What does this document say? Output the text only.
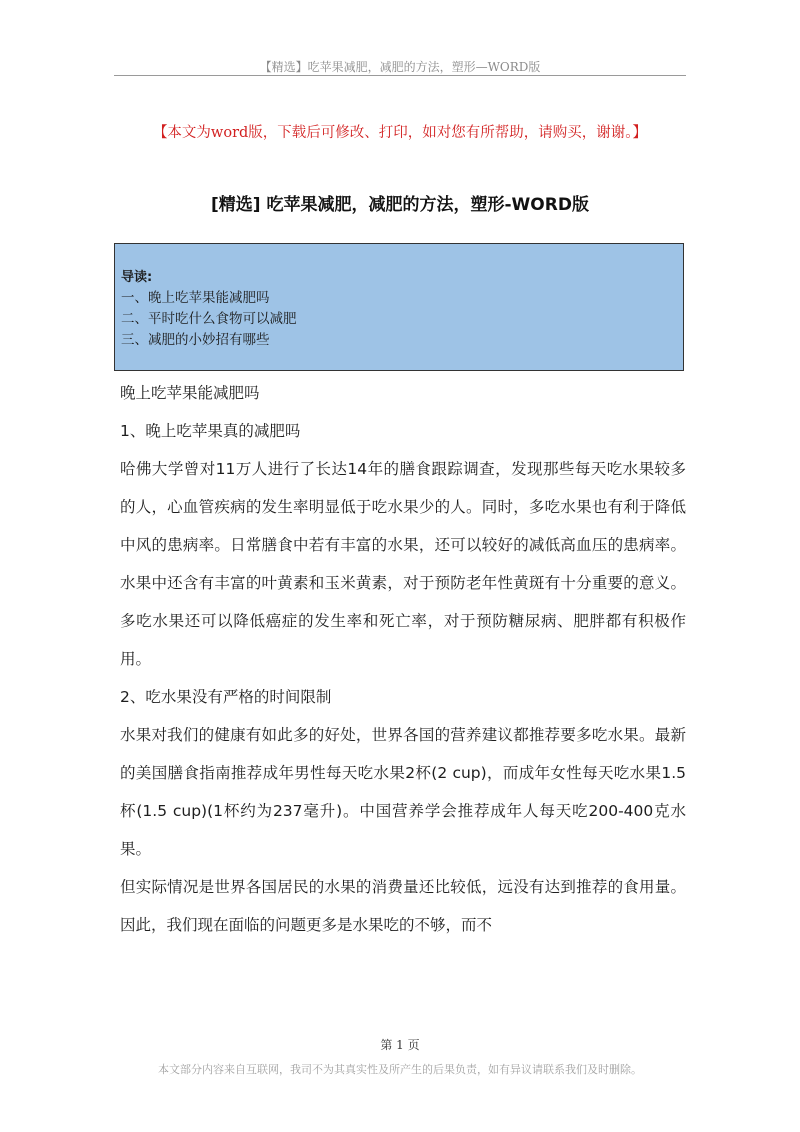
【精选】吃苹果减肥，减肥的方法，塑形—WORD版
【本文为word版，下载后可修改、打印，如对您有所帮助，请购买，谢谢。】
[精选] 吃苹果减肥，减肥的方法，塑形-WORD版
导读:
一、晚上吃苹果能减肥吗
二、平时吃什么食物可以减肥
三、减肥的小妙招有哪些

晚上吃苹果能减肥吗

1、晚上吃苹果真的减肥吗

哈佛大学曾对11万人进行了长达14年的膳食跟踪调查，发现那些每天吃水果较多的人，心血管疾病的发生率明显低于吃水果少的人。同时，多吃水果也有利于降低中风的患病率。日常膳食中若有丰富的水果，还可以较好的减低高血压的患病率。水果中还含有丰富的叶黄素和玉米黄素，对于预防老年性黄斑有十分重要的意义。多吃水果还可以降低癌症的发生率和死亡率，对于预防糖尿病、肥胖都有积极作用。

2、吃水果没有严格的时间限制

水果对我们的健康有如此多的好处，世界各国的营养建议都推荐要多吃水果。最新的美国膳食指南推荐成年男性每天吃水果2杯(2 cup)，而成年女性每天吃水果1.5杯(1.5 cup)(1杯约为237毫升)。中国营养学会推荐成年人每天吃200-400克水果。

但实际情况是世界各国居民的水果的消费量还比较低，远没有达到推荐的食用量。因此，我们现在面临的问题更多是水果吃的不够，而不

第 1 页
本文部分内容来自互联网，我司不为其真实性及所产生的后果负责，如有异议请联系我们及时删除。
